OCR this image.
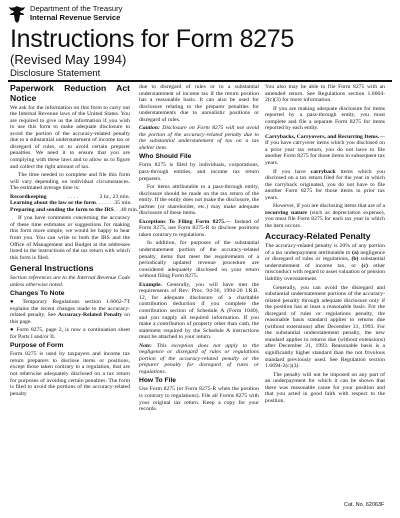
Department of the Treasury
Internal Revenue Service
Instructions for Form 8275
(Revised May 1994)
Disclosure Statement
Paperwork Reduction Act Notice

We ask for the information on this form to carry out the Internal Revenue laws of the United States. You are required to give us the information if you wish to use this form to make adequate disclosure to avoid the portion of the accuracy-related penalty due to a substantial understatement of income tax or disregard of rules, or to avoid certain preparer penalties. We need it to ensure that you are complying with these laws and to allow us to figure and collect the right amount of tax.

The time needed to complete and file this form will vary depending on individual circumstances. The estimated average time is:

Recordkeeping	. . . .	2 hr., 23 min.
Learning about the law or the form . . . . . . . 35 min.
Preparing and sending the form to the IRS . . . 40 min.

If you have comments concerning the accuracy of these time estimates or suggestions for making this form more simple, we would be happy to hear from you. You can write to both the IRS and the Office of Management and Budget at the addresses listed in the instructions of the tax return with which this form is filed.

General Instructions

Section references are to the Internal Revenue Code unless otherwise noted.

Changes To Note

● Temporary Regulations section 1.6662-7T explains the recent changes made to the accuracy-related penalty. See Accuracy-Related Penalty on this page.

● Form 8275, page 2, is now a continuation sheet for Parts I and/or II.

Purpose of Form

Form 8275 is used by taxpayers and income tax return preparers to disclose items or positions, except those taken contrary to a regulation, that are not otherwise adequately disclosed on a tax return for purposes of avoiding certain penalties. The form is filed to avoid the portions of the accuracy-related penalty

due to disregard of rules or to a substantial understatement of income tax if the return position has a reasonable basis. It can also be used for disclosure relating to the preparer penalties for understatements due to unrealistic positions or disregard of rules.

Caution: Disclosure on Form 8275 will not avoid the portion of the accuracy-related penalty due to the substantial understatement of tax on a tax shelter item.

Who Should File

Form 8275 is filed by individuals, corporations, pass-through entities, and income tax return preparers.

For items attributable to a pass-through entity, disclosure should be made on the tax return of the entity. If the entity does not make the disclosure, the partner (or shareholder, etc.) may make adequate disclosure of these items.

Exceptions To Filing Form 8275.— Instead of Form 8275, use Form 8275-R to disclose positions taken contrary to regulations.

In addition, for purposes of the substantial understatement portion of the accuracy-related penalty, items that meet the requirements of a periodically updated revenue procedure are considered adequately disclosed on your return without filing Form 8275.

Example. Generally, you will have met the requirements of Rev. Proc. 94-36, 1994-20 I.R.B. 12, for adequate disclosure of a charitable contribution deduction if you complete the contribution section of Schedule A (Form 1040), and you supply all required information. If you make a contribution of property other than cash, the statement required by the Schedule A instructions must be attached to your return.

Note: This exception does not apply to the negligence or disregard of rules or regulations portion of the accuracy-related penalty or the preparer penalty for disregard of rules or regulations.

How To File

Use Form 8275 (or Form 8275-R when the position is contrary to regulations). File all Forms 8275 with your original tax return. Keep a copy for your records.

You also may be able to file Form 8275 with an amended return. See Regulations section 1.6664-2(c)(3) for more information.

If you are making adequate disclosure for items reported by a pass-through entity, you must complete and file a separate Form 8275 for items reported by each entity.

Carrybacks, Carryovers, and Recurring Items.—If you have carryover items which you disclosed on a prior year tax return, you do not have to file another Form 8275 for those items in subsequent tax years.

If you have carryback items which you disclosed on a tax return filed for the year in which the carryback originated, you do not have to file another Form 8275 for those items in prior tax years.

However, if you are disclosing items that are of a recurring nature (such as depreciation expense), you must file Form 8275 for each tax year in which the item occurs.

Accuracy-Related Penalty

The accuracy-related penalty is 20% of any portion of a tax underpayment attributable to (a) negligence or disregard of rules or regulations, (b) substantial understatement of income tax, or (c) other misconduct with regard to asset valuation or pension liability overstatement.

Generally, you can avoid the disregard and substantial understatement portions of the accuracy-related penalty through adequate disclosure only if the position has at least a reasonable basis. For the disregard of rules or regulations penalty, the reasonable basis standard applies to returns due (without extensions) after December 31, 1993. For the substantial understatement penalty, the new standard applies to returns due (without extensions) after December 31, 1993. Reasonable basis is a significantly higher standard than the not frivolous standard previously used. See Regulation section 1.6694-2(c)(3).

The penalty will not be imposed on any part of an underpayment for which it can be shown that there was reasonable cause for your position and that you acted in good faith with respect to the position.

Cat. No. 62063F
